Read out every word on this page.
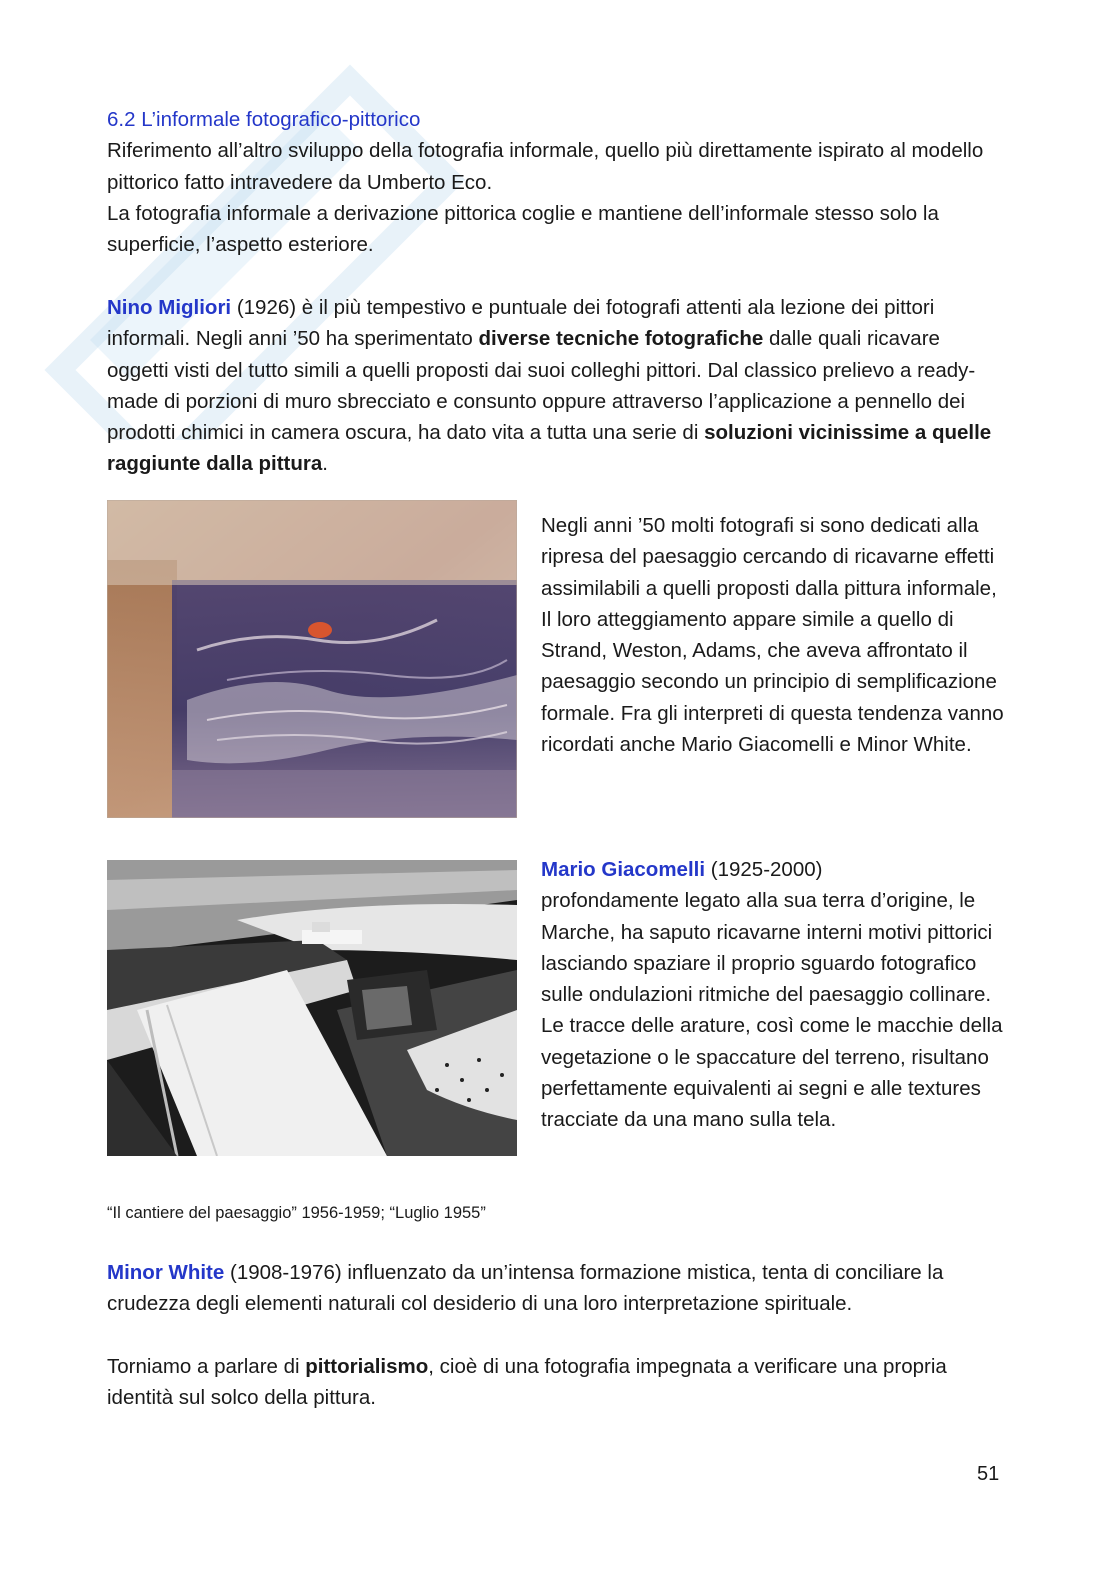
6.2 L’informale fotografico-pittorico

Riferimento all’altro sviluppo della fotografia informale, quello più direttamente ispirato al modello pittorico fatto intravedere da Umberto Eco.

La fotografia informale a derivazione pittorica coglie e mantiene dell’informale stesso solo la superficie, l’aspetto esteriore.

Nino Migliori (1926) è il più tempestivo e puntuale dei fotografi attenti ala lezione dei pittori informali. Negli anni ’50 ha sperimentato diverse tecniche fotografiche dalle quali ricavare oggetti visti del tutto simili a quelli proposti dai suoi colleghi pittori. Dal classico prelievo a ready-made di porzioni di muro sbrecciato e consunto oppure attraverso l’applicazione a pennello dei prodotti chimici in camera oscura, ha dato vita a tutta una serie di soluzioni vicinissime a quelle raggiunte dalla pittura.

Negli anni ’50 molti fotografi si sono dedicati alla ripresa del paesaggio cercando di ricavarne effetti assimilabili a quelli proposti dalla pittura informale, Il loro atteggiamento appare simile a quello di Strand, Weston, Adams, che aveva affrontato il paesaggio secondo un principio di semplificazione formale. Fra gli interpreti di questa tendenza vanno ricordati anche Mario Giacomelli e Minor White.

Mario Giacomelli (1925-2000)

profondamente legato alla sua terra d’origine, le Marche, ha saputo ricavarne interni motivi pittorici lasciando spaziare il proprio sguardo fotografico sulle ondulazioni ritmiche del paesaggio collinare.

Le tracce delle arature, così come le macchie della vegetazione o le spaccature del terreno, risultano perfettamente equivalenti ai segni e alle textures tracciate da una mano sulla tela.

“Il cantiere del paesaggio” 1956-1959; “Luglio 1955”

Minor White (1908-1976) influenzato da un’intensa formazione mistica, tenta di conciliare la crudezza degli elementi naturali col desiderio di una loro interpretazione spirituale.

Torniamo a parlare di pittorialismo, cioè di una fotografia impegnata a verificare una propria identità sul solco della pittura.

51
